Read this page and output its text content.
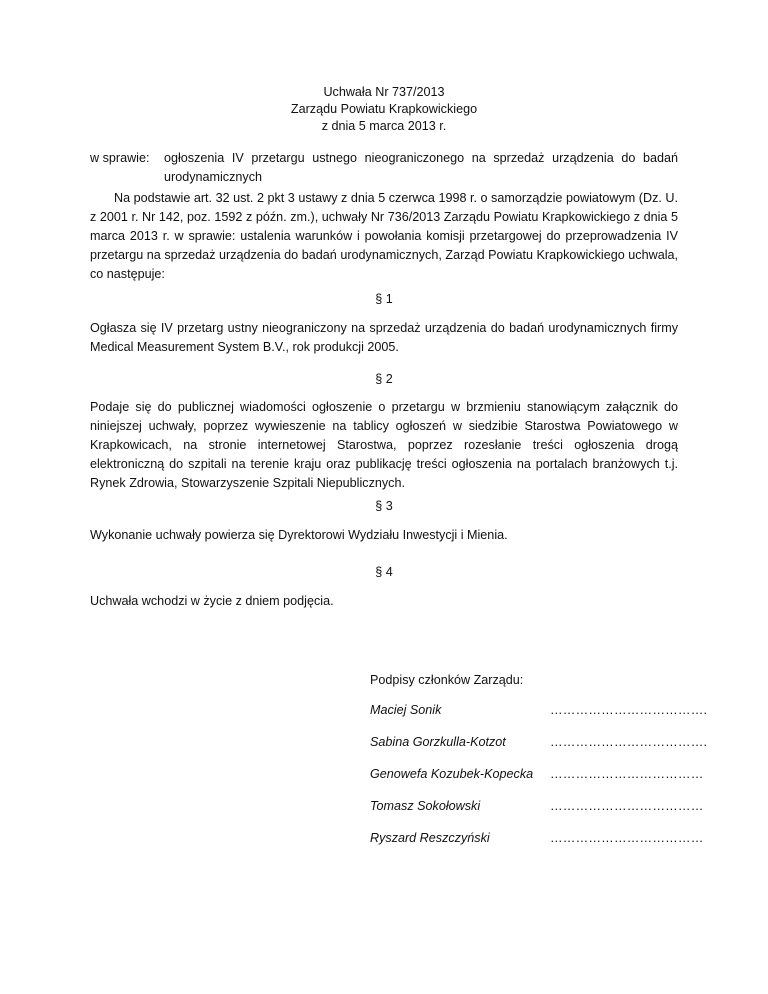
Uchwała Nr 737/2013
Zarządu Powiatu Krapkowickiego
z dnia 5 marca 2013 r.
w sprawie: ogłoszenia IV przetargu ustnego nieograniczonego na sprzedaż urządzenia do badań urodynamicznych
Na podstawie art. 32 ust. 2 pkt 3 ustawy z dnia 5 czerwca 1998 r. o samorządzie powiatowym (Dz. U. z 2001 r. Nr 142, poz. 1592 z późn. zm.), uchwały Nr 736/2013 Zarządu Powiatu Krapkowickiego z dnia 5 marca 2013 r. w sprawie: ustalenia warunków i powołania komisji przetargowej do przeprowadzenia IV przetargu na sprzedaż urządzenia do badań urodynamicznych, Zarząd Powiatu Krapkowickiego uchwala, co następuje:
§ 1
Ogłasza się IV przetarg ustny nieograniczony na sprzedaż urządzenia do badań urodynamicznych firmy Medical Measurement System B.V., rok produkcji 2005.
§ 2
Podaje się do publicznej wiadomości ogłoszenie o przetargu w brzmieniu stanowiącym załącznik do niniejszej uchwały, poprzez wywieszenie na tablicy ogłoszeń w siedzibie Starostwa Powiatowego w Krapkowicach, na stronie internetowej Starostwa, poprzez rozesłanie treści ogłoszenia drogą elektroniczną do szpitali na terenie kraju oraz publikację treści ogłoszenia na portalach branżowych t.j. Rynek Zdrowia, Stowarzyszenie Szpitali Niepublicznych.
§ 3
Wykonanie uchwały powierza się Dyrektorowi Wydziału Inwestycji i Mienia.
§ 4
Uchwała wchodzi w życie z dniem podjęcia.
Podpisy członków Zarządu:
Maciej Sonik	……………………………….
Sabina Gorzkulla-Kotzot	……………………………….
Genowefa Kozubek-Kopecka ………………………………
Tomasz Sokołowski	………………………………
Ryszard Reszczyński	………………………………
